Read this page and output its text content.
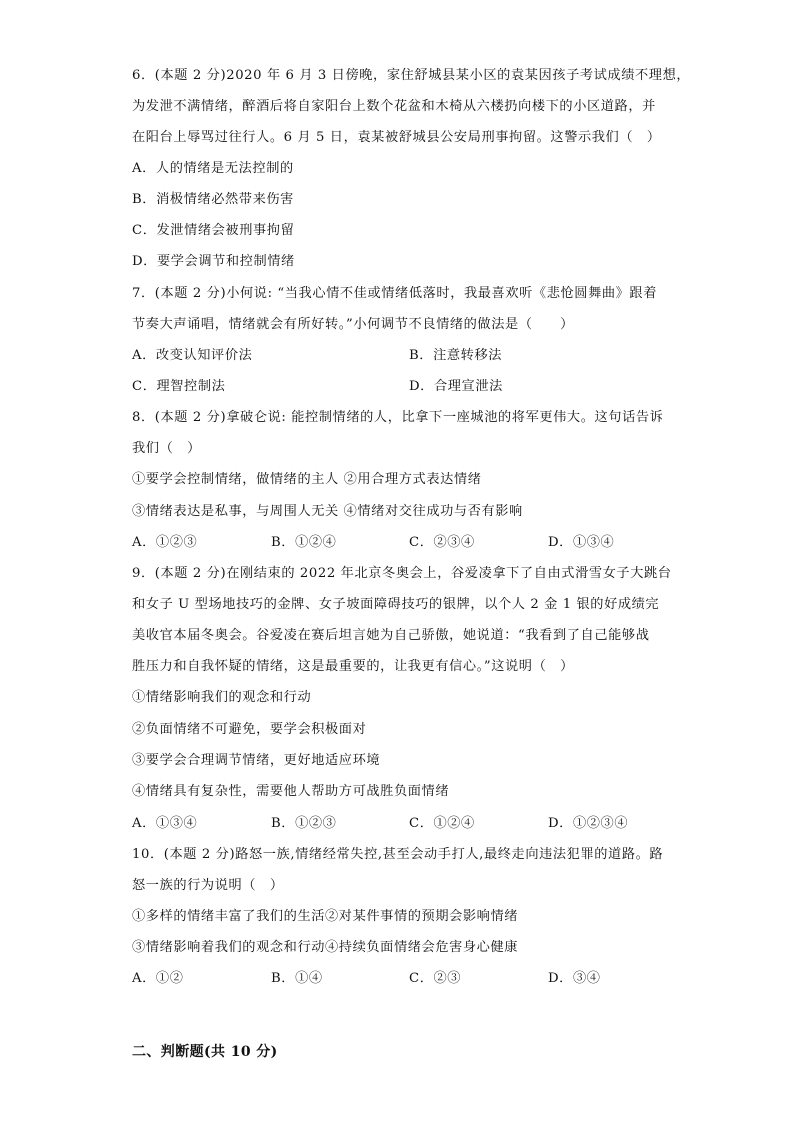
6．(本题 2 分)2020 年 6 月 3 日傍晚，家住舒城县某小区的袁某因孩子考试成绩不理想，
为发泄不满情绪，醉酒后将自家阳台上数个花盆和木椅从六楼扔向楼下的小区道路，并
在阳台上辱骂过往行人。6 月 5 日，袁某被舒城县公安局刑事拘留。这警示我们（　）
A．人的情绪是无法控制的
B．消极情绪必然带来伤害
C．发泄情绪会被刑事拘留
D．要学会调节和控制情绪
7．(本题 2 分)小何说: “当我心情不佳或情绪低落时，我最喜欢听《悲怆圆舞曲》跟着
节奏大声诵唱，情绪就会有所好转。”小何调节不良情绪的做法是（　　）
A．改变认知评价法	B．注意转移法
C．理智控制法	D．合理宣泄法
8．(本题 2 分)拿破仑说: 能控制情绪的人，比拿下一座城池的将军更伟大。这句话告诉
我们（　）
①要学会控制情绪，做情绪的主人 ②用合理方式表达情绪
③情绪表达是私事，与周围人无关 ④情绪对交往成功与否有影响
A．①②③	B．①②④	C．②③④	D．①③④
9．(本题 2 分)在刚结束的 2022 年北京冬奥会上，谷爱凌拿下了自由式滑雪女子大跳台
和女子 U 型场地技巧的金牌、女子坡面障碍技巧的银牌，以个人 2 金 1 银的好成绩完
美收官本届冬奥会。谷爱凌在赛后坦言她为自己骄傲，她说道：“我看到了自己能够战
胜压力和自我怀疑的情绪，这是最重要的，让我更有信心。”这说明（　）
①情绪影响我们的观念和行动
②负面情绪不可避免，要学会积极面对
③要学会合理调节情绪，更好地适应环境
④情绪具有复杂性，需要他人帮助方可战胜负面情绪
A．①③④	B．①②③	C．①②④	D．①②③④
10．(本题 2 分)路怒一族,情绪经常失控,甚至会动手打人,最终走向违法犯罪的道路。路
怒一族的行为说明（　）
①多样的情绪丰富了我们的生活②对某件事情的预期会影响情绪
③情绪影响着我们的观念和行动④持续负面情绪会危害身心健康
A．①②	B．①④	C．②③	D．③④
二、判断题(共 10 分)
